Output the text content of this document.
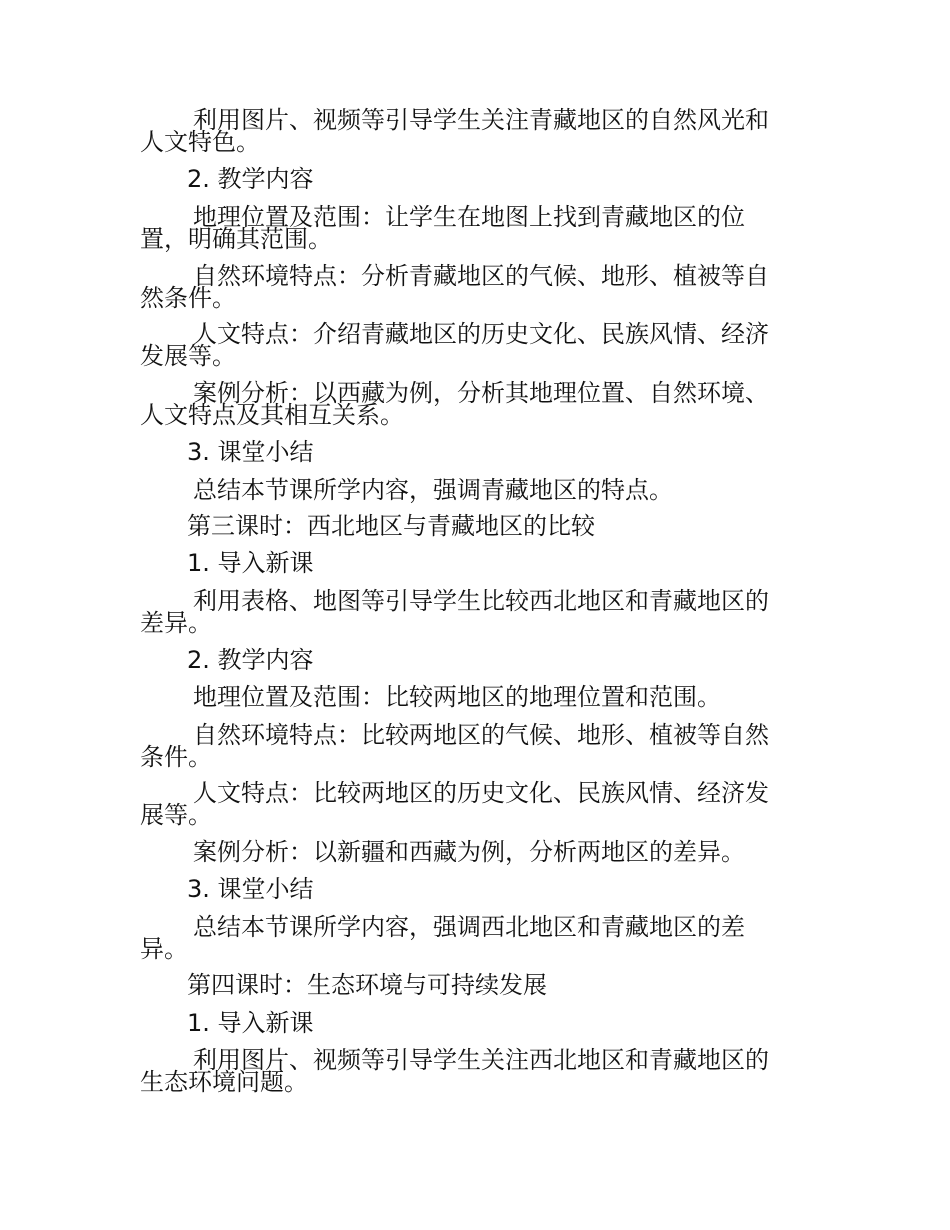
利用图片、视频等引导学生关注青藏地区的自然风光和
人文特色。
2. 教学内容
地理位置及范围：让学生在地图上找到青藏地区的位
置，明确其范围。
自然环境特点：分析青藏地区的气候、地形、植被等自
然条件。
人文特点：介绍青藏地区的历史文化、民族风情、经济
发展等。
案例分析：以西藏为例，分析其地理位置、自然环境、
人文特点及其相互关系。
3. 课堂小结
总结本节课所学内容，强调青藏地区的特点。
第三课时：西北地区与青藏地区的比较
1. 导入新课
利用表格、地图等引导学生比较西北地区和青藏地区的
差异。
2. 教学内容
地理位置及范围：比较两地区的地理位置和范围。
自然环境特点：比较两地区的气候、地形、植被等自然
条件。
人文特点：比较两地区的历史文化、民族风情、经济发
展等。
案例分析：以新疆和西藏为例，分析两地区的差异。
3. 课堂小结
总结本节课所学内容，强调西北地区和青藏地区的差
异。
第四课时：生态环境与可持续发展
1. 导入新课
利用图片、视频等引导学生关注西北地区和青藏地区的
生态环境问题。
